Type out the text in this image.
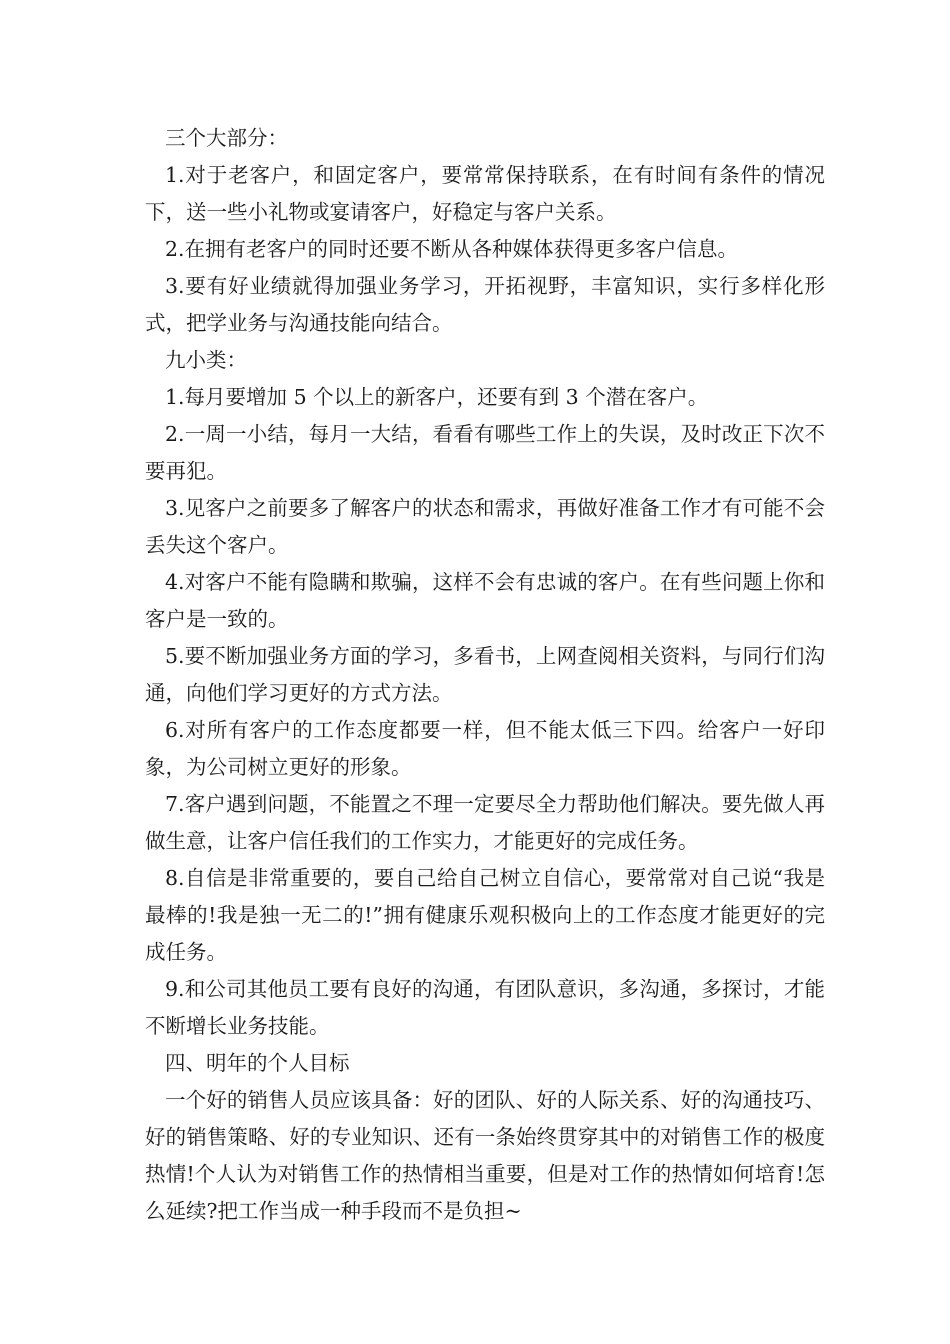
三个大部分：

1.对于老客户，和固定客户，要常常保持联系，在有时间有条件的情况下，送一些小礼物或宴请客户，好稳定与客户关系。

2.在拥有老客户的同时还要不断从各种媒体获得更多客户信息。

3.要有好业绩就得加强业务学习，开拓视野，丰富知识，实行多样化形式，把学业务与沟通技能向结合。

九小类：

1.每月要增加 5 个以上的新客户，还要有到 3 个潜在客户。

2.一周一小结，每月一大结，看看有哪些工作上的失误，及时改正下次不要再犯。

3.见客户之前要多了解客户的状态和需求，再做好准备工作才有可能不会丢失这个客户。

4.对客户不能有隐瞒和欺骗，这样不会有忠诚的客户。在有些问题上你和客户是一致的。

5.要不断加强业务方面的学习，多看书，上网查阅相关资料，与同行们沟通，向他们学习更好的方式方法。

6.对所有客户的工作态度都要一样，但不能太低三下四。给客户一好印象，为公司树立更好的形象。

7.客户遇到问题，不能置之不理一定要尽全力帮助他们解决。要先做人再做生意，让客户信任我们的工作实力，才能更好的完成任务。

8.自信是非常重要的，要自己给自己树立自信心，要常常对自己说“我是最棒的!我是独一无二的!”拥有健康乐观积极向上的工作态度才能更好的完成任务。

9.和公司其他员工要有良好的沟通，有团队意识，多沟通，多探讨，才能不断增长业务技能。

四、明年的个人目标

一个好的销售人员应该具备：好的团队、好的人际关系、好的沟通技巧、好的销售策略、好的专业知识、还有一条始终贯穿其中的对销售工作的极度热情!个人认为对销售工作的热情相当重要，但是对工作的热情如何培育!怎么延续?把工作当成一种手段而不是负担~
